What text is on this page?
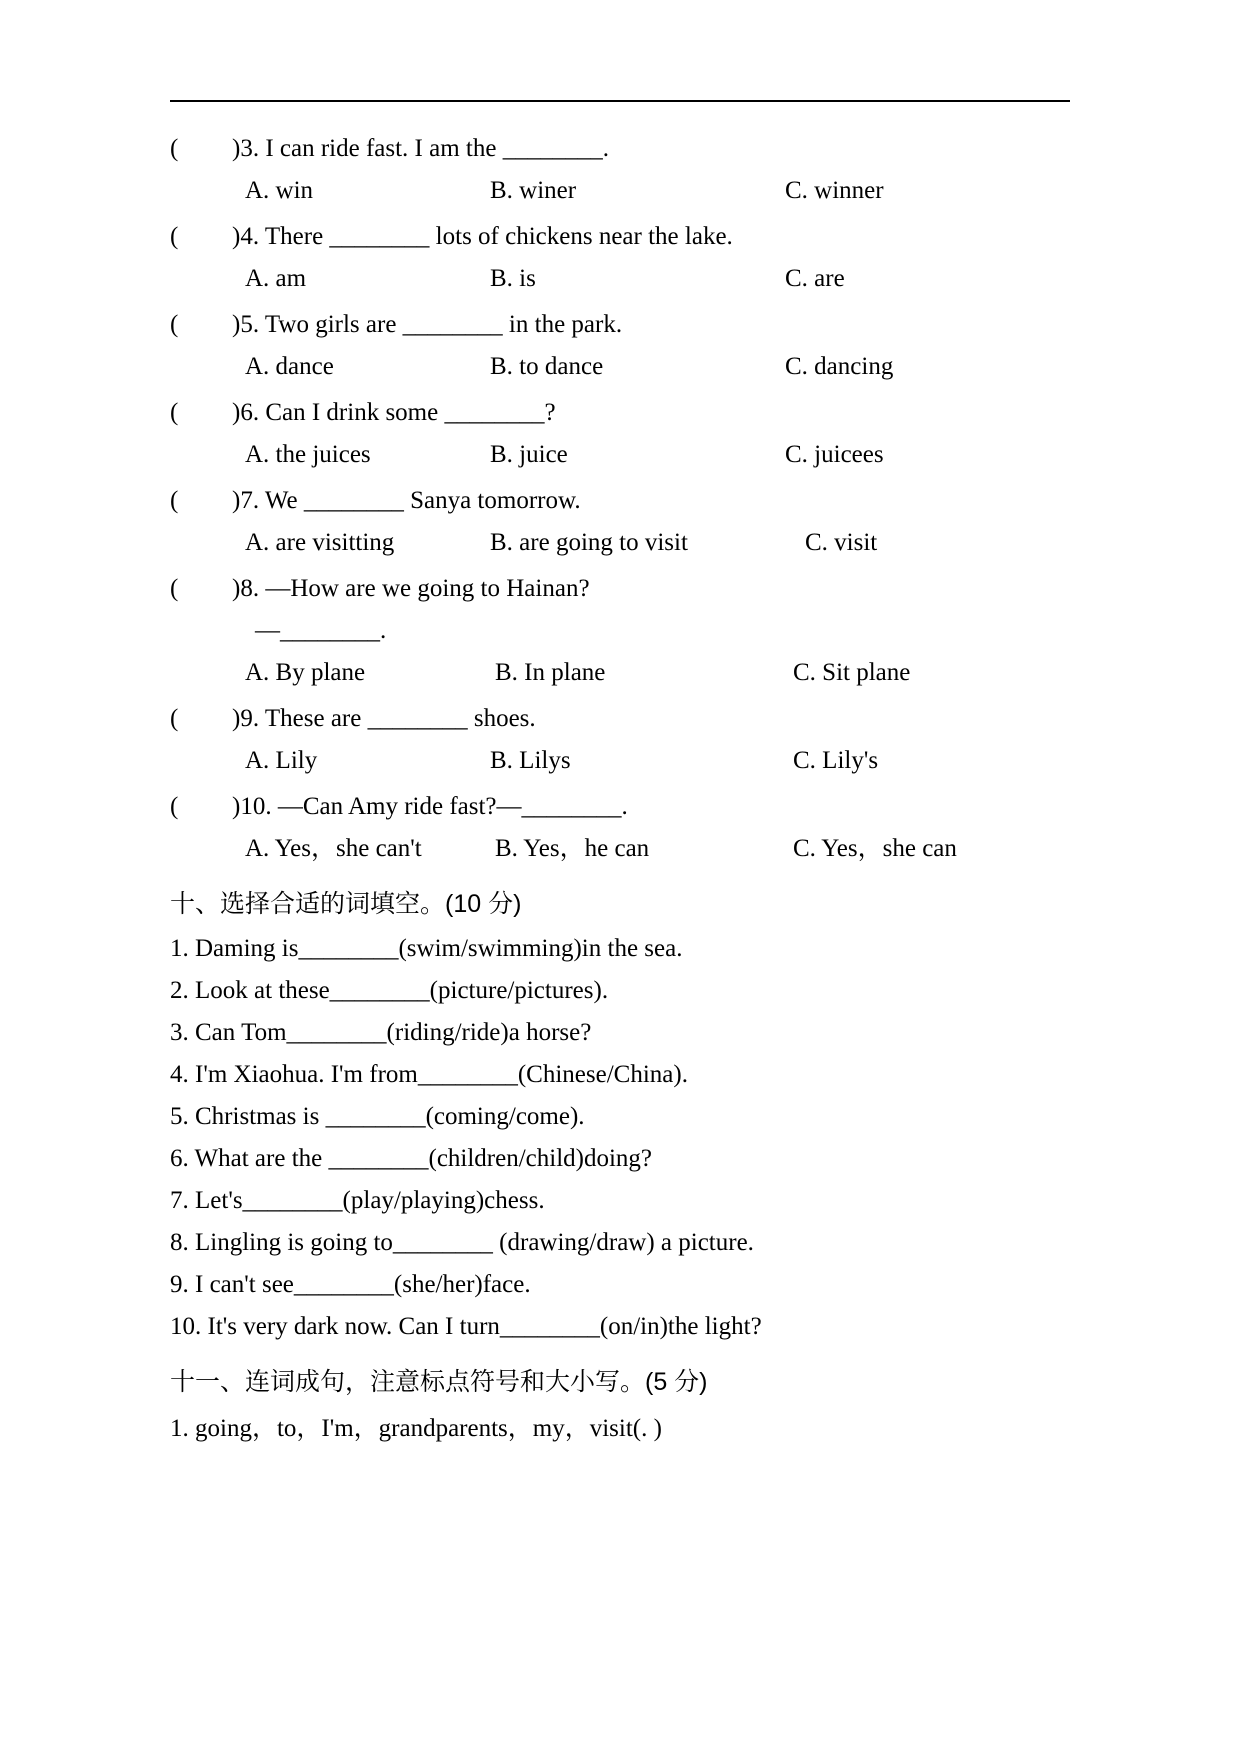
( )3. I can ride fast. I am the ________.
A. win	B. winer	C. winner
( )4. There ________ lots of chickens near the lake.
A. am	B. is	C. are
( )5. Two girls are ________ in the park.
A. dance	B. to dance	C. dancing
( )6. Can I drink some ________?
A. the juices	B. juice	C. juicees
( )7. We ________ Sanya tomorrow.
A. are visitting	B. are going to visit	C. visit
( )8. —How are we going to Hainan?
—________.
A. By plane	B. In plane	C. Sit plane
( )9. These are ________ shoes.
A. Lily	B. Lilys	C. Lily's
( )10. —Can Amy ride fast?—________.
A. Yes，she can't	B. Yes，he can	C. Yes，she can
十、选择合适的词填空。(10 分)
1. Daming is________(swim/swimming)in the sea.
2. Look at these________(picture/pictures).
3. Can Tom________(riding/ride)a horse?
4. I'm Xiaohua. I'm from________(Chinese/China).
5. Christmas is ________(coming/come).
6. What are the ________(children/child)doing?
7. Let's________(play/playing)chess.
8. Lingling is going to________ (drawing/draw) a picture.
9. I can't see________(she/her)face.
10. It's very dark now. Can I turn________(on/in)the light?
十一、连词成句，注意标点符号和大小写。(5 分)
1. going，to，I'm，grandparents，my，visit(. )
